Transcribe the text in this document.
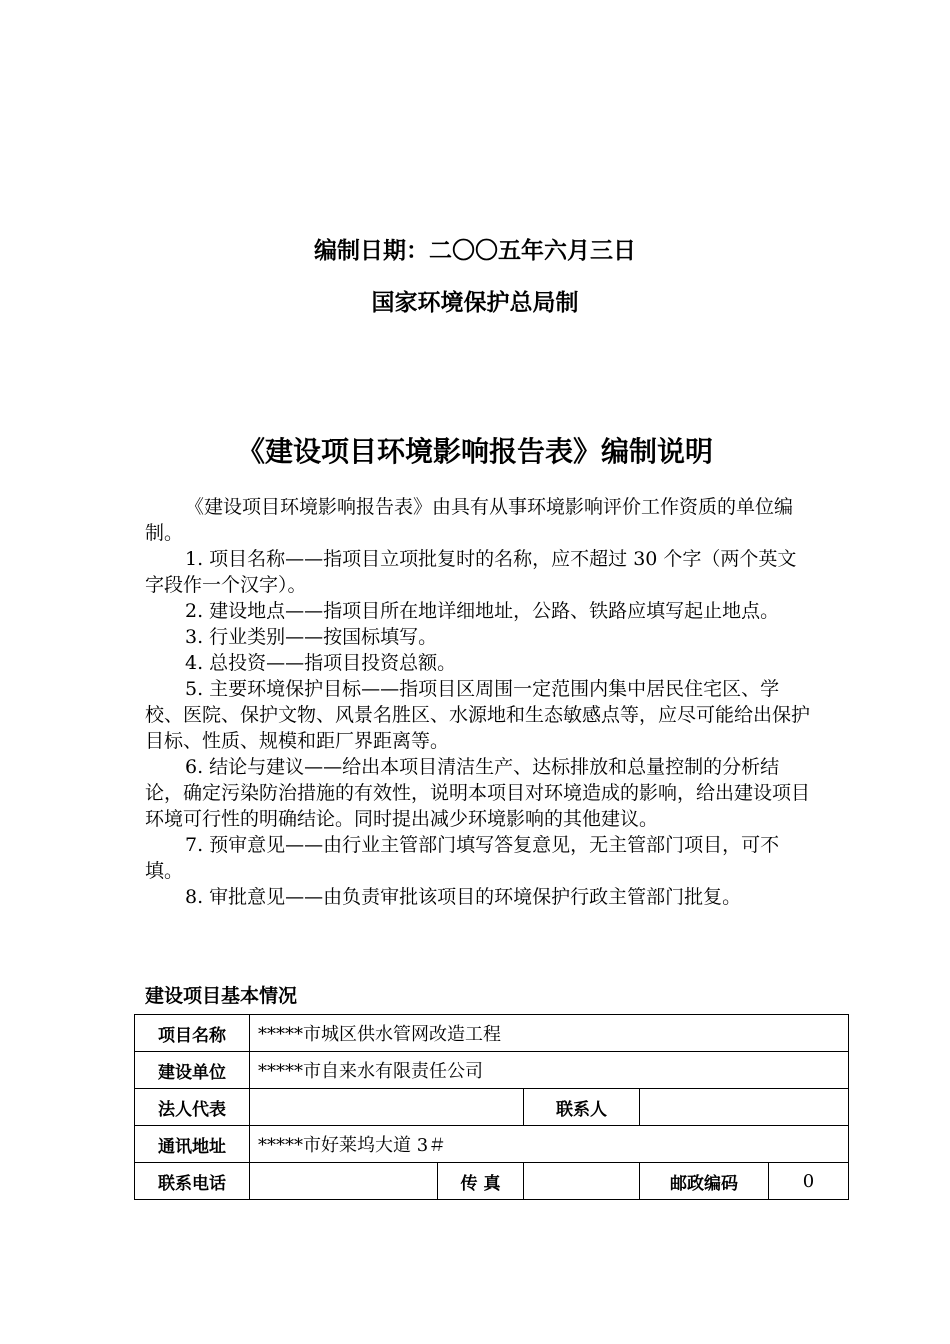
编制日期：二〇〇五年六月三日
国家环境保护总局制
《建设项目环境影响报告表》编制说明

《建设项目环境影响报告表》由具有从事环境影响评价工作资质的单位编制。

1. 项目名称——指项目立项批复时的名称，应不超过 30 个字（两个英文字段作一个汉字）。

2. 建设地点——指项目所在地详细地址，公路、铁路应填写起止地点。

3. 行业类别——按国标填写。

4. 总投资——指项目投资总额。

5. 主要环境保护目标——指项目区周围一定范围内集中居民住宅区、学校、医院、保护文物、风景名胜区、水源地和生态敏感点等，应尽可能给出保护目标、性质、规模和距厂界距离等。

6. 结论与建议——给出本项目清洁生产、达标排放和总量控制的分析结论，确定污染防治措施的有效性，说明本项目对环境造成的影响，给出建设项目环境可行性的明确结论。同时提出减少环境影响的其他建议。

7. 预审意见——由行业主管部门填写答复意见，无主管部门项目，可不填。

8. 审批意见——由负责审批该项目的环境保护行政主管部门批复。

建设项目基本情况
项目名称	*****市城区供水管网改造工程				
建设单位	*****市自来水有限责任公司				
法人代表			联系人		
通讯地址	*****市好莱坞大道 3＃				
联系电话		传 真		邮政编码	0
